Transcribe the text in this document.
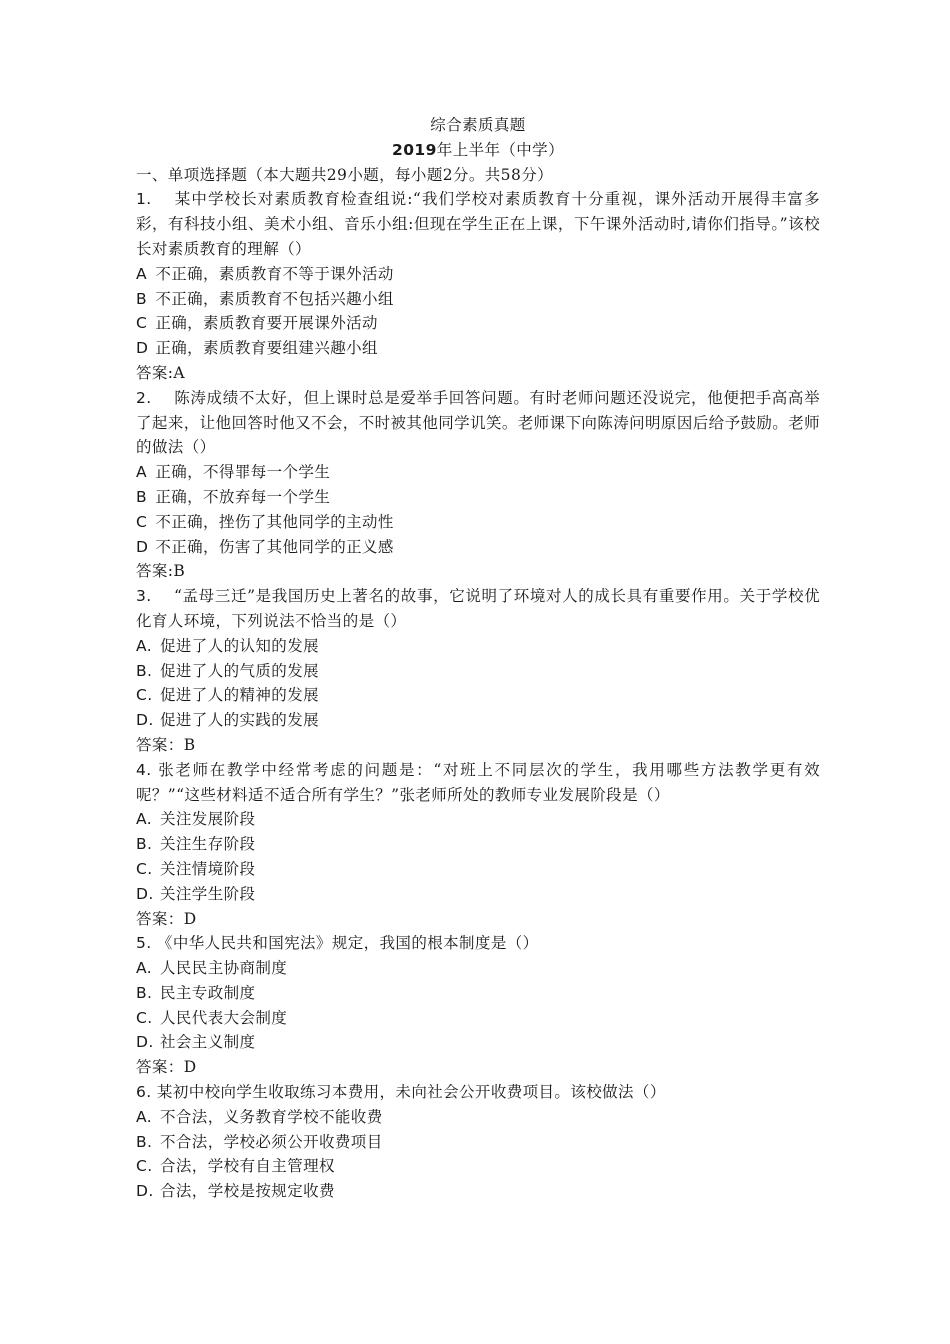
综合素质真题

2019年上半年（中学）

一、单项选择题（本大题共29小题，每小题2分。共58分）

1. 某中学校长对素质教育检查组说:“我们学校对素质教育十分重视，课外活动开展得丰富多彩，有科技小组、美术小组、音乐小组:但现在学生正在上课，下午课外活动时,请你们指导。”该校长对素质教育的理解（）

A 不正确，素质教育不等于课外活动

B 不正确，素质教育不包括兴趣小组

C 正确，素质教育要开展课外活动

D 正确，素质教育要组建兴趣小组

答案:A

2. 陈涛成绩不太好，但上课时总是爱举手回答问题。有时老师问题还没说完，他便把手高高举了起来，让他回答时他又不会，不时被其他同学讥笑。老师课下向陈涛问明原因后给予鼓励。老师的做法（）

A 正确，不得罪每一个学生

B 正确，不放弃每一个学生

C 不正确，挫伤了其他同学的主动性

D 不正确，伤害了其他同学的正义感

答案:B

3. “孟母三迁”是我国历史上著名的故事，它说明了环境对人的成长具有重要作用。关于学校优化育人环境，下列说法不恰当的是（）

A. 促进了人的认知的发展

B. 促进了人的气质的发展

C. 促进了人的精神的发展

D. 促进了人的实践的发展

答案：B

4. 张老师在教学中经常考虑的问题是：“对班上不同层次的学生，我用哪些方法教学更有效呢？”“这些材料适不适合所有学生？”张老师所处的教师专业发展阶段是（）

A. 关注发展阶段

B. 关注生存阶段

C. 关注情境阶段

D. 关注学生阶段

答案：D

5. 《中华人民共和国宪法》规定，我国的根本制度是（）

A. 人民民主协商制度

B. 民主专政制度

C. 人民代表大会制度

D. 社会主义制度

答案：D

6. 某初中校向学生收取练习本费用，未向社会公开收费项目。该校做法（）

A. 不合法，义务教育学校不能收费

B. 不合法，学校必须公开收费项目

C. 合法，学校有自主管理权

D. 合法，学校是按规定收费
